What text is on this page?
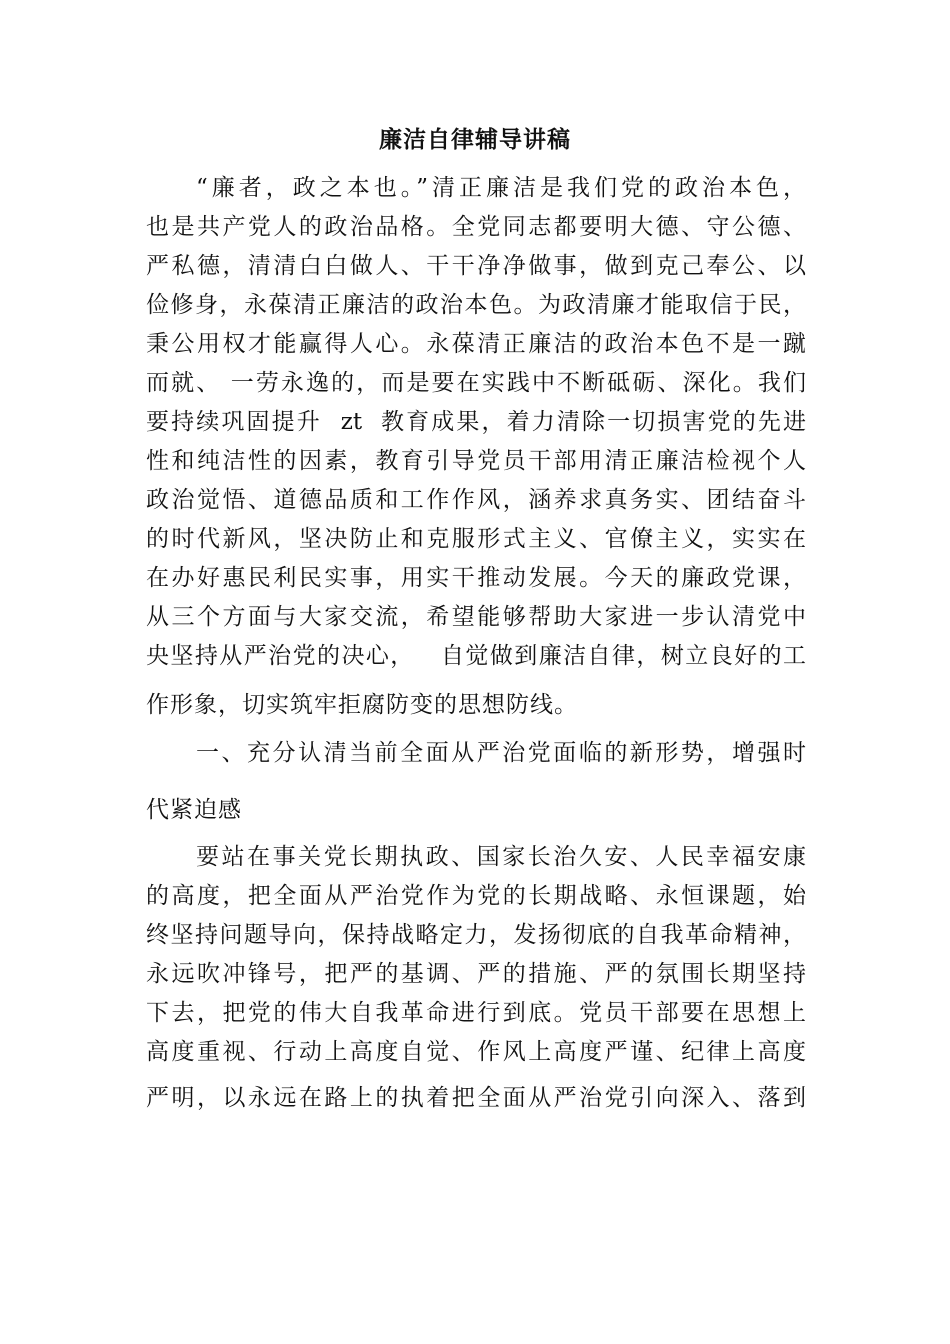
廉洁自律辅导讲稿
“廉者，政之本也。”清正廉洁是我们党的政治本色，
也是共产党人的政治品格。全党同志都要明大德、守公德、
严私德，清清白白做人、干干净净做事，做到克己奉公、以
俭修身，永葆清正廉洁的政治本色。为政清廉才能取信于民，
秉公用权才能赢得人心。永葆清正廉洁的政治本色不是一蹴
而就、 一劳永逸的，而是要在实践中不断砥砺、深化。我们
要持续巩固提升  zt  教育成果，着力清除一切损害党的先进
性和纯洁性的因素，教育引导党员干部用清正廉洁检视个人
政治觉悟、道德品质和工作作风，涵养求真务实、团结奋斗
的时代新风，坚决防止和克服形式主义、官僚主义，实实在
在办好惠民利民实事，用实干推动发展。今天的廉政党课，
从三个方面与大家交流，希望能够帮助大家进一步认清党中
央坚持从严治党的决心，   自觉做到廉洁自律，树立良好的工
作形象，切实筑牢拒腐防变的思想防线。
一、充分认清当前全面从严治党面临的新形势，增强时
代紧迫感
要站在事关党长期执政、国家长治久安、人民幸福安康
的高度，把全面从严治党作为党的长期战略、永恒课题，始
终坚持问题导向，保持战略定力，发扬彻底的自我革命精神，
永远吹冲锋号，把严的基调、严的措施、严的氛围长期坚持
下去，把党的伟大自我革命进行到底。党员干部要在思想上
高度重视、行动上高度自觉、作风上高度严谨、纪律上高度
严明，以永远在路上的执着把全面从严治党引向深入、落到
